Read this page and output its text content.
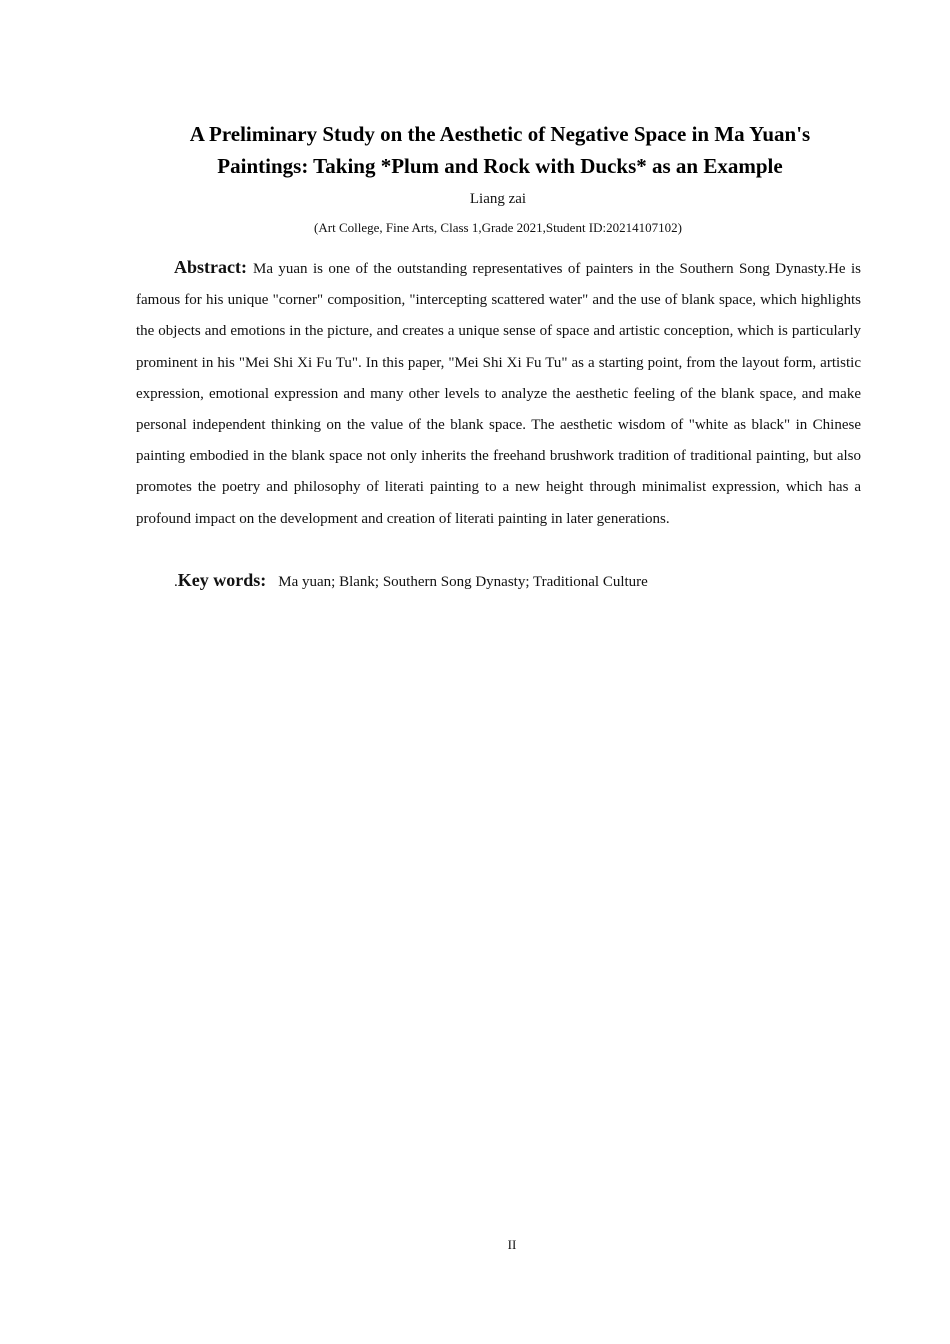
A Preliminary Study on the Aesthetic of Negative Space in Ma Yuan's
Paintings: Taking *Plum and Rock with Ducks* as an Example
Liang zai
(Art College, Fine Arts, Class 1,Grade 2021,Student ID:20214107102)

Abstract: Ma yuan is one of the outstanding representatives of painters in the Southern Song Dynasty.He is famous for his unique "corner" composition, "intercepting scattered water" and the use of blank space, which highlights the objects and emotions in the picture, and creates a unique sense of space and artistic conception, which is particularly prominent in his "Mei Shi Xi Fu Tu". In this paper, "Mei Shi Xi Fu Tu" as a starting point, from the layout form, artistic expression, emotional expression and many other levels to analyze the aesthetic feeling of the blank space, and make personal independent thinking on the value of the blank space. The aesthetic wisdom of "white as black" in Chinese painting embodied in the blank space not only inherits the freehand brushwork tradition of traditional painting, but also promotes the poetry and philosophy of literati painting to a new height through minimalist expression, which has a profound impact on the development and creation of literati painting in later generations.

.Key words: Ma yuan; Blank; Southern Song Dynasty; Traditional Culture

II
